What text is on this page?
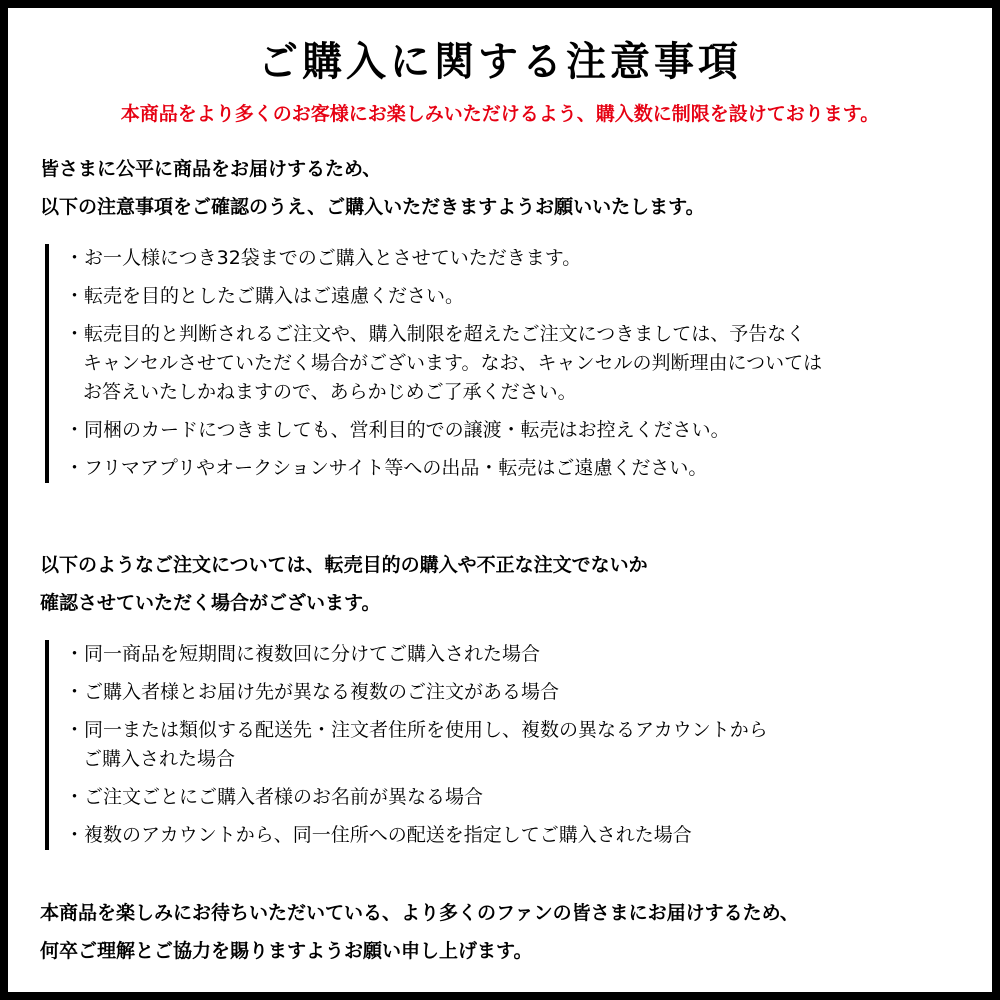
ご購入に関する注意事項
本商品をより多くのお客様にお楽しみいただけるよう、購入数に制限を設けております。
皆さまに公平に商品をお届けするため、
以下の注意事項をご確認のうえ、ご購入いただきますようお願いいたします。
・お一人様につき32袋までのご購入とさせていただきます。
・転売を目的としたご購入はご遠慮ください。
・転売目的と判断されるご注文や、購入制限を超えたご注文につきましては、予告なく
キャンセルさせていただく場合がございます。なお、キャンセルの判断理由については
お答えいたしかねますので、あらかじめご了承ください。
・同梱のカードにつきましても、営利目的での譲渡・転売はお控えください。
・フリマアプリやオークションサイト等への出品・転売はご遠慮ください。
以下のようなご注文については、転売目的の購入や不正な注文でないか
確認させていただく場合がございます。
・同一商品を短期間に複数回に分けてご購入された場合
・ご購入者様とお届け先が異なる複数のご注文がある場合
・同一または類似する配送先・注文者住所を使用し、複数の異なるアカウントから
ご購入された場合
・ご注文ごとにご購入者様のお名前が異なる場合
・複数のアカウントから、同一住所への配送を指定してご購入された場合
本商品を楽しみにお待ちいただいている、より多くのファンの皆さまにお届けするため、
何卒ご理解とご協力を賜りますようお願い申し上げます。
